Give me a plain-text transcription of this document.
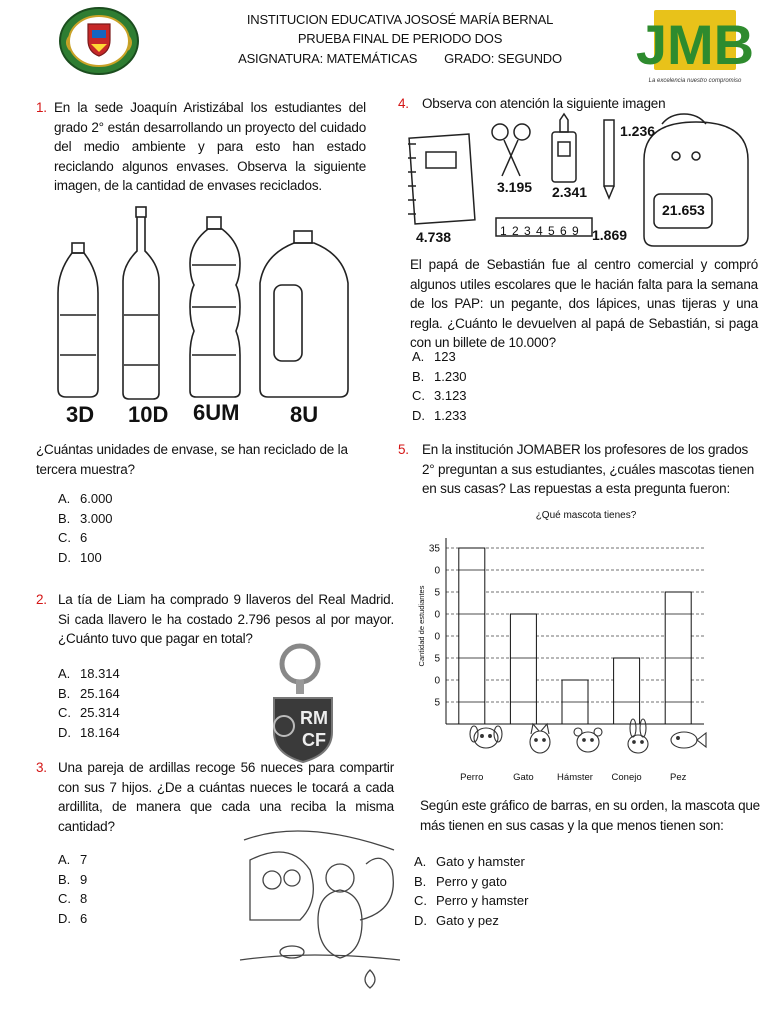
INSTITUCION EDUCATIVA JOSOSÉ MARÍA BERNAL
PRUEBA FINAL DE PERIODO DOS
ASIGNATURA: MATEMÁTICAS GRADO: SEGUNDO	JMB
La excelencia nuestro compromiso
1. En la sede Joaquín Aristizábal los estudiantes del grado 2° están desarrollando un proyecto del cuidado del medio ambiente y para esto han estado reciclando algunos envases. Observa la siguiente imagen, de la cantidad de envases reciclados.
3D 10D 6UM 8U
¿Cuántas unidades de envase, se han reciclado de la tercera muestra?
A. 6.000
B. 3.000
C. 6
D. 100
2. La tía de Liam ha comprado 9 llaveros del Real Madrid. Si cada llavero le ha costado 2.796 pesos al por mayor. ¿Cuánto tuvo que pagar en total?
A. 18.314
B. 25.164
C. 25.314
D. 18.164
RM
CF
3. Una pareja de ardillas recoge 56 nueces para compartir con sus 7 hijos. ¿De a cuántas nueces le tocará a cada ardillita, de manera que cada una reciba la misma cantidad?
A. 7
B. 9
C. 8
D. 6
4. Observa con atención la siguiente imagen
4.738
3.195 2.341
1.236
1 2 3 4 5 6 9 1.869
21.653
El papá de Sebastián fue al centro comercial y compró algunos utiles escolares que le hacián falta para la semana de los PAP: un pegante, dos lápices, unas tijeras y una regla. ¿Cuánto le devuelven al papá de Sebastián, si paga con un billete de 10.000?
A. 123
B. 1.230
C. 3.123
D. 1.233
5. En la institución JOMABER los profesores de los grados 2° preguntan a sus estudiantes, ¿cuáles mascotas tienen en sus casas? Las repuestas a esta pregunta fueron:
¿Qué mascota tienes?
Cantidad de estudiantes
35
0
5
0
0
5
0
5
Perro	Gato Hámster Conejo	Pez
Según este gráfico de barras, en su orden, la mascota que más tienen en sus casas y la que menos tienen son:
A. Gato y hamster
B. Perro y gato
C. Perro y hamster
D. Gato y pez
